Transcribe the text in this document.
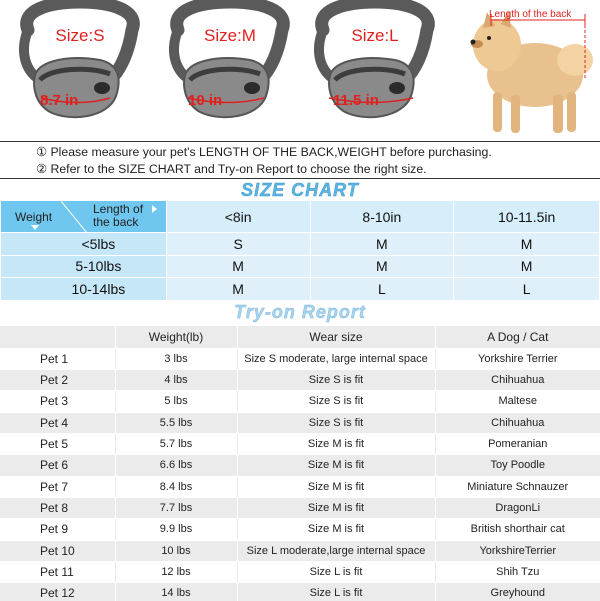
Size:S
8.7 in
Size:M
10 in
Size:L
11.5 in
Length of the back
① Please measure your pet's LENGTH OF THE BACK,WEIGHT before purchasing.
② Refer to the SIZE CHART and Try-on Report to choose the right size.
SIZE CHART
Weight
Length of the back	<8in	8-10in	10-11.5in
<5lbs	S	M	M
5-10lbs	M	M	M
10-14lbs	M	L	L
Try-on Report
	Weight(lb)	Wear size	A Dog / Cat
Pet 1	3 lbs	Size S moderate, large internal space	Yorkshire Terrier
Pet 2	4 lbs	Size S is fit	Chihuahua
Pet 3	5 lbs	Size S is fit	Maltese
Pet 4	5.5 lbs	Size S is fit	Chihuahua
Pet 5	5.7 lbs	Size M is fit	Pomeranian
Pet 6	6.6 lbs	Size M is fit	Toy Poodle
Pet 7	8.4 lbs	Size M is fit	Miniature Schnauzer
Pet 8	7.7 lbs	Size M is fit	DragonLi
Pet 9	9.9 lbs	Size M is fit	British shorthair cat
Pet 10	10 lbs	Size L moderate,large internal space	YorkshireTerrier
Pet 11	12 lbs	Size L is fit	Shih Tzu
Pet 12	14 lbs	Size L is fit	Greyhound
